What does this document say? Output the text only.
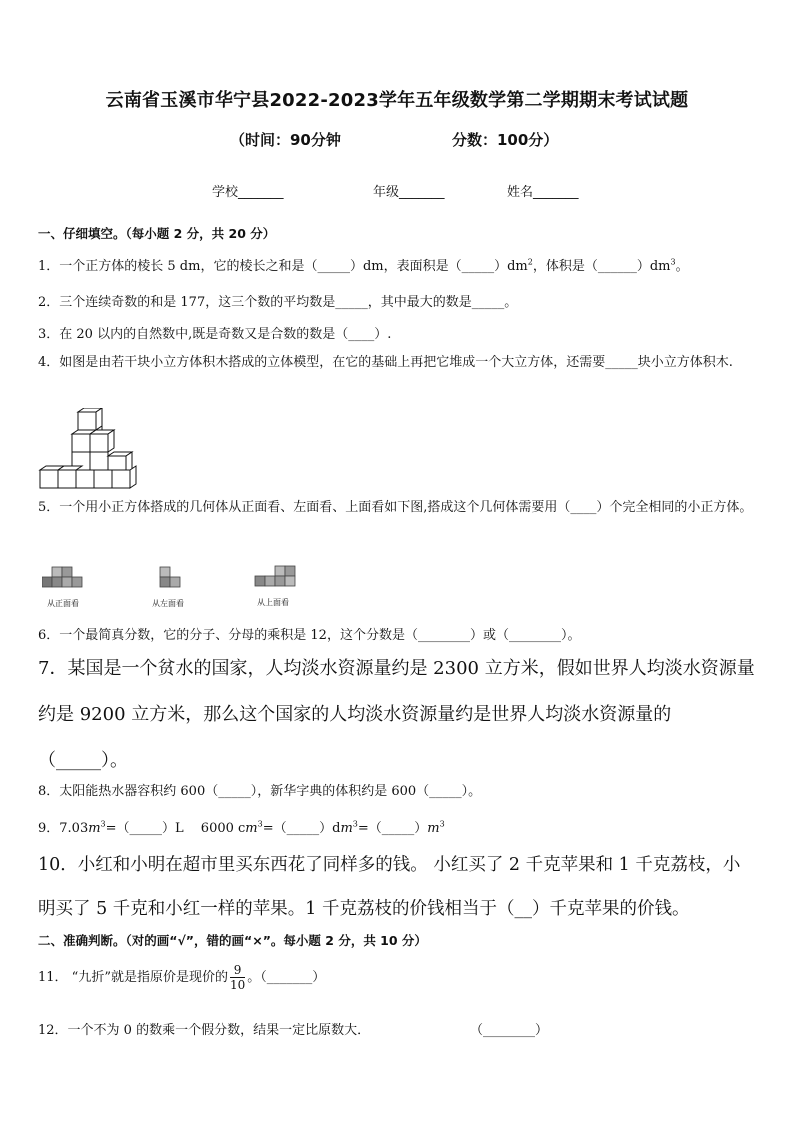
云南省玉溪市华宁县2022-2023学年五年级数学第二学期期末考试试题
（时间：90分钟	分数：100分）
学校_______	年级_______	姓名_______
一、仔细填空。（每小题 2 分，共 20 分）
1．一个正方体的棱长 5 dm，它的棱长之和是（_____）dm，表面积是$(\_\_\_\_\_)dm^2$，体积是$(\_\_\_\_\_\_)dm^3$。
2．三个连续奇数的和是 177，这三个数的平均数是_____，其中最大的数是_____。
3．在 20 以内的自然数中,既是奇数又是合数的数是（____）.
4．如图是由若干块小立方体积木搭成的立体模型，在它的基础上再把它堆成一个大立方体，还需要_____块小立方体积木.
5．一个用小正方体搭成的几何体从正面看、左面看、上面看如下图,搭成这个几何体需要用（____）个完全相同的小正方体。
从正面看	从左面看	从上面看
6．一个最简真分数，它的分子、分母的乘积是 12，这个分数是（________）或（________）。
7．某国是一个贫水的国家，人均淡水资源量约是 2300 立方米，假如世界人均淡水资源量约是 9200 立方米，那么这个国家的人均淡水资源量约是世界人均淡水资源量的（_____）。
8．太阳能热水器容积约 600（_____），新华字典的体积约是 600（_____）。
9．$7.03m^3=(\_\_\_\_\_)L$　 6000 $cm^3=(\_\_\_\_\_)dm^3=(\_\_\_\_\_)m^3$
10．小红和小明在超市里买东西花了同样多的钱。 小红买了 2 千克苹果和 1 千克荔枝，小明买了 5 千克和小红一样的苹果。1 千克荔枝的价钱相当于（__）千克苹果的价钱。
二、准确判断。（对的画“√”，错的画“×”。每小题 2 分，共 10 分）
11． “九折”就是指原价是现价的 $\frac{9}{10}$ 。（_______）
12．一个不为 0 的数乘一个假分数，结果一定比原数大．	（________）
